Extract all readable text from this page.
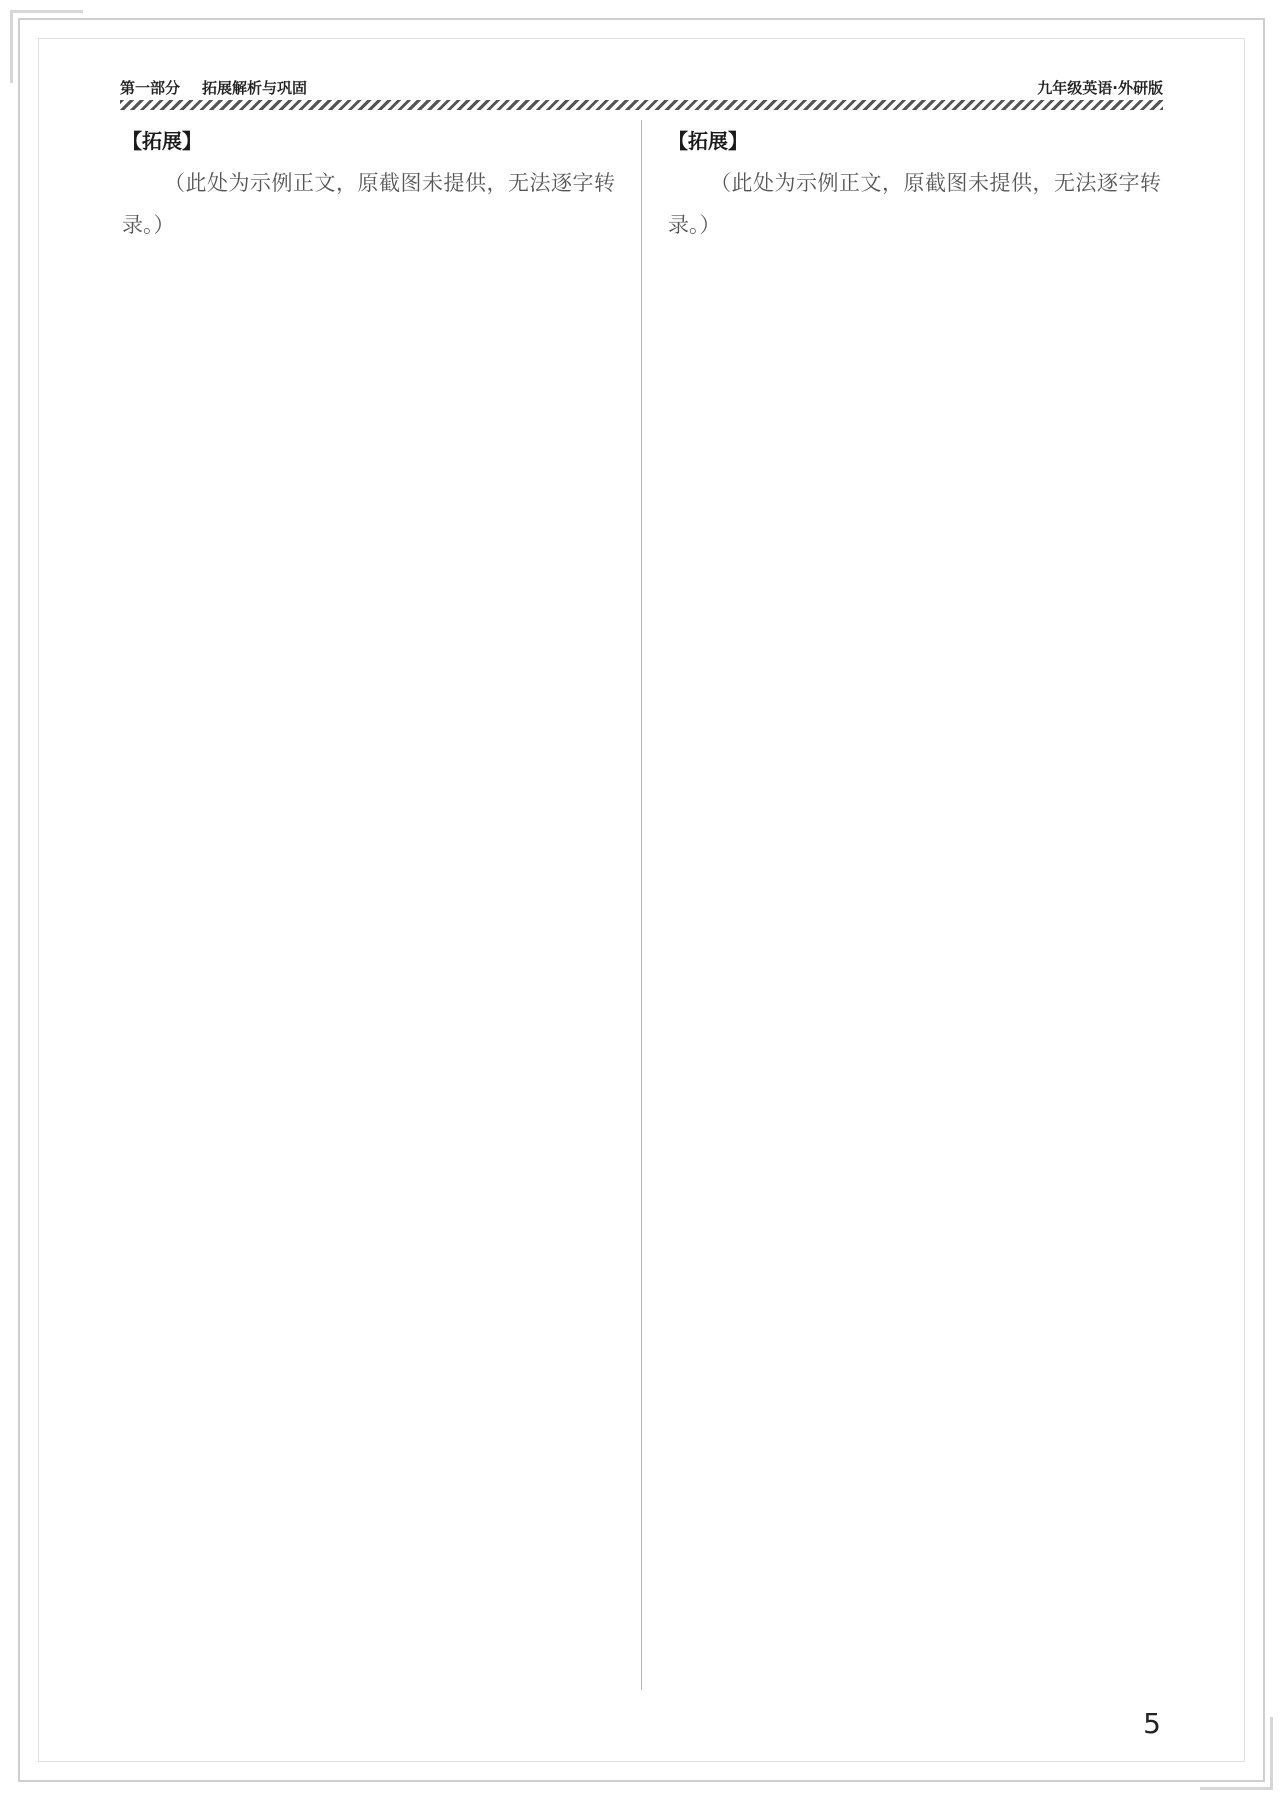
第一部分 拓展解析与巩固	九年级英语·外研版

【拓展】

（此处为示例正文，原截图未提供，无法逐字转录。）

【拓展】

（此处为示例正文，原截图未提供，无法逐字转录。）

5
